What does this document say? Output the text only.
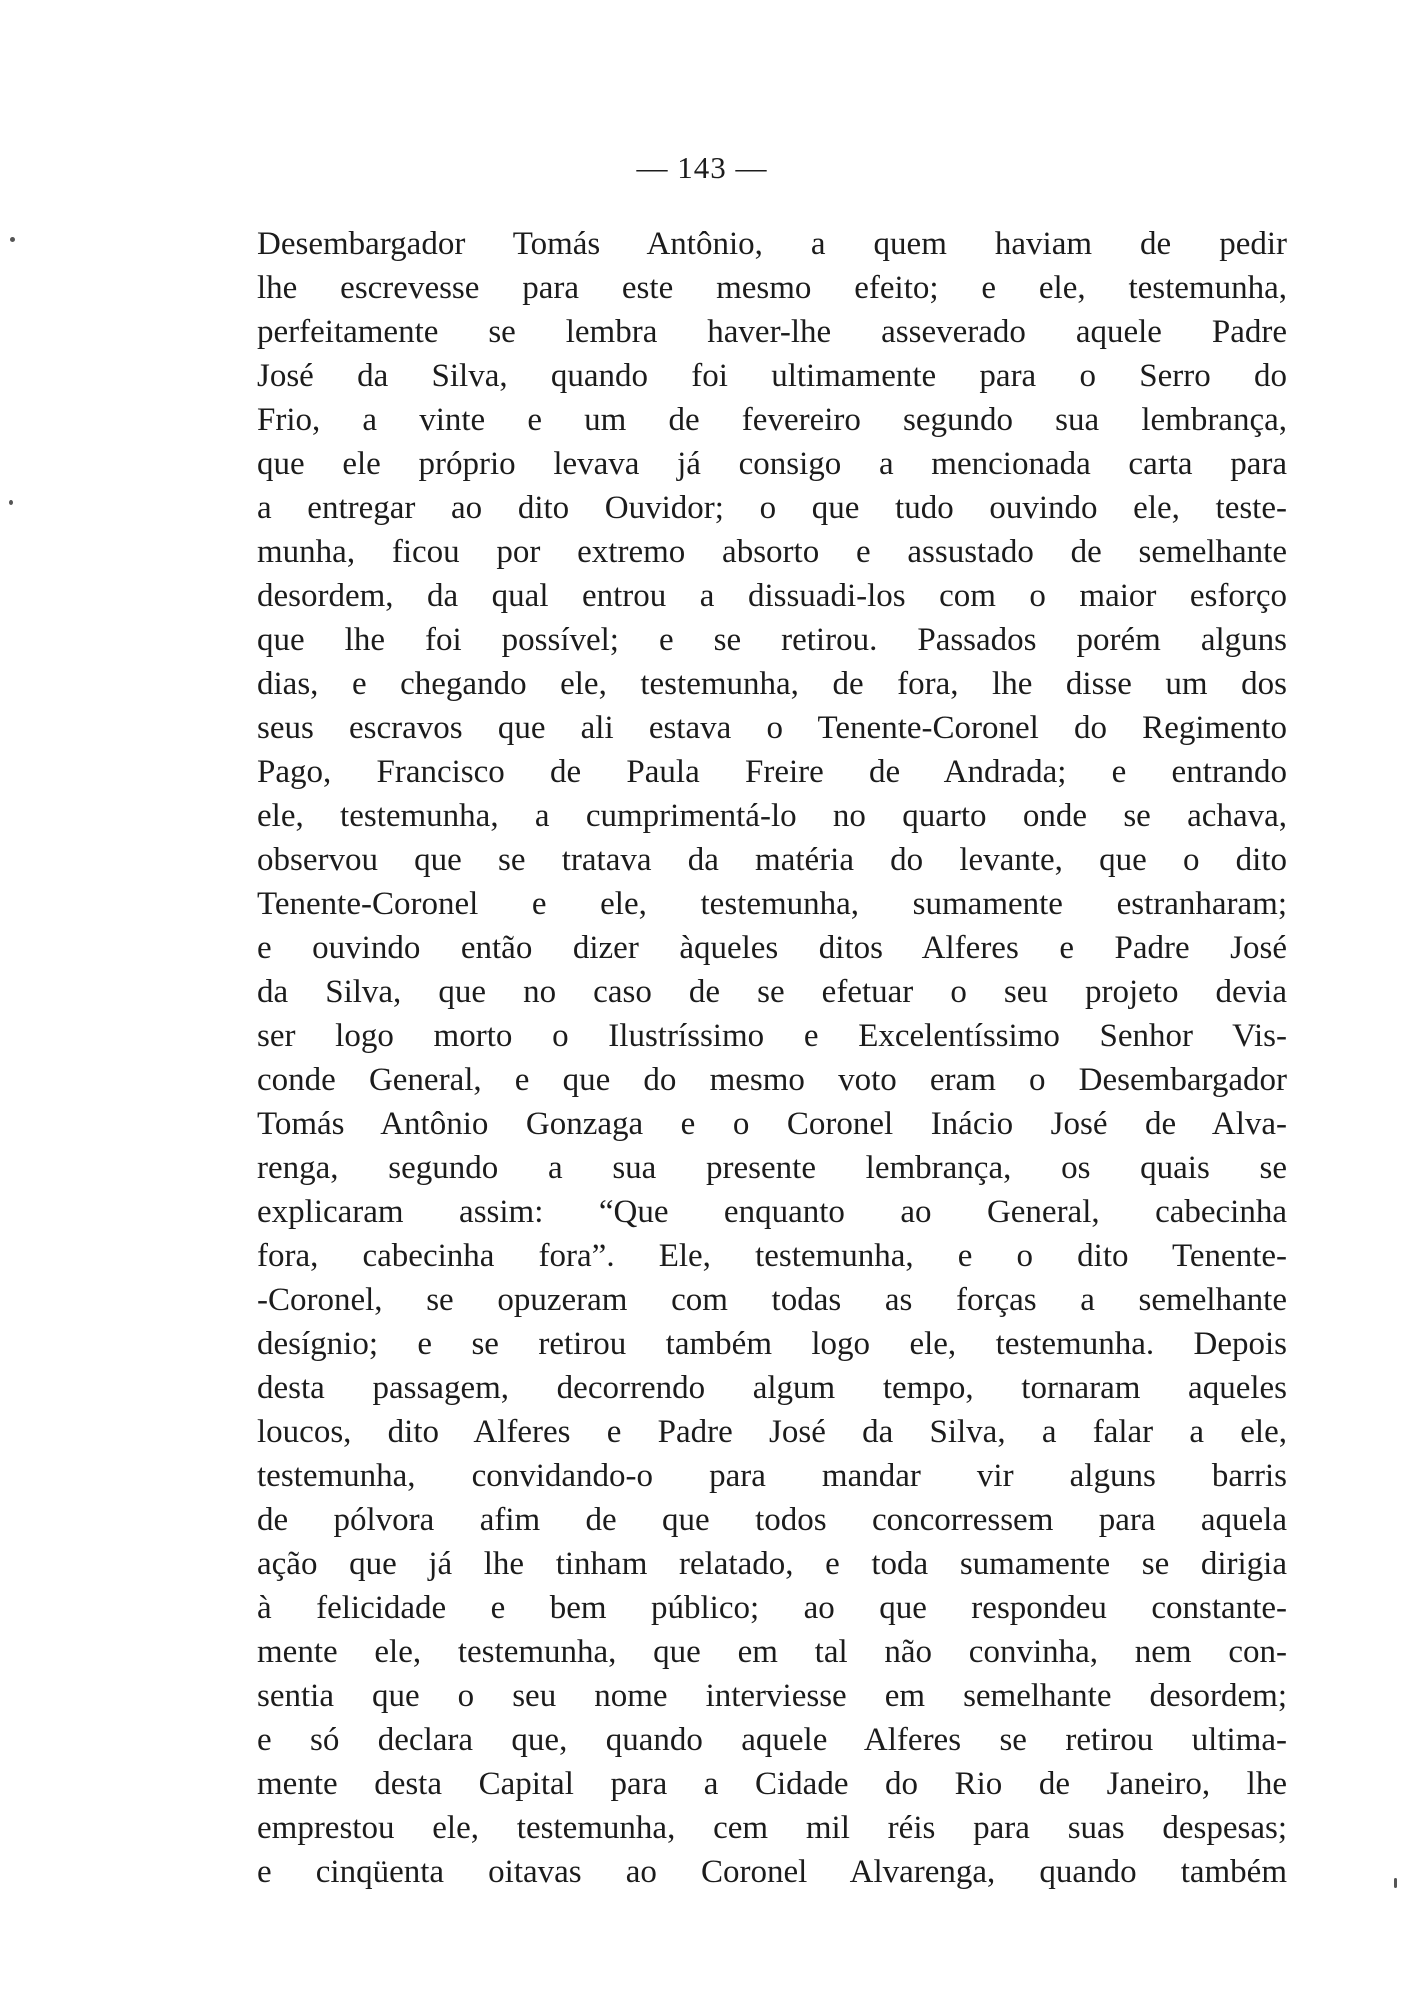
— 143 —
Desembargador Tomás Antônio, a quem haviam de pedir
lhe escrevesse para este mesmo efeito; e ele, testemunha,
perfeitamente se lembra haver-lhe asseverado aquele Padre
José da Silva, quando foi ultimamente para o Serro do
Frio, a vinte e um de fevereiro segundo sua lembrança,
que ele próprio levava já consigo a mencionada carta para
a entregar ao dito Ouvidor; o que tudo ouvindo ele, teste-
munha, ficou por extremo absorto e assustado de semelhante
desordem, da qual entrou a dissuadi-los com o maior esforço
que lhe foi possível; e se retirou. Passados porém alguns
dias, e chegando ele, testemunha, de fora, lhe disse um dos
seus escravos que ali estava o Tenente-Coronel do Regimento
Pago, Francisco de Paula Freire de Andrada; e entrando
ele, testemunha, a cumprimentá-lo no quarto onde se achava,
observou que se tratava da matéria do levante, que o dito
Tenente-Coronel e ele, testemunha, sumamente estranharam;
e ouvindo então dizer àqueles ditos Alferes e Padre José
da Silva, que no caso de se efetuar o seu projeto devia
ser logo morto o Ilustríssimo e Excelentíssimo Senhor Vis-
conde General, e que do mesmo voto eram o Desembargador
Tomás Antônio Gonzaga e o Coronel Inácio José de Alva-
renga, segundo a sua presente lembrança, os quais se
explicaram assim: “Que enquanto ao General, cabecinha
fora, cabecinha fora”. Ele, testemunha, e o dito Tenente-
-Coronel, se opuzeram com todas as forças a semelhante
desígnio; e se retirou também logo ele, testemunha. Depois
desta passagem, decorrendo algum tempo, tornaram aqueles
loucos, dito Alferes e Padre José da Silva, a falar a ele,
testemunha, convidando-o para mandar vir alguns barris
de pólvora afim de que todos concorressem para aquela
ação que já lhe tinham relatado, e toda sumamente se dirigia
à felicidade e bem público; ao que respondeu constante-
mente ele, testemunha, que em tal não convinha, nem con-
sentia que o seu nome interviesse em semelhante desordem;
e só declara que, quando aquele Alferes se retirou ultima-
mente desta Capital para a Cidade do Rio de Janeiro, lhe
emprestou ele, testemunha, cem mil réis para suas despesas;
e cinqüenta oitavas ao Coronel Alvarenga, quando também
